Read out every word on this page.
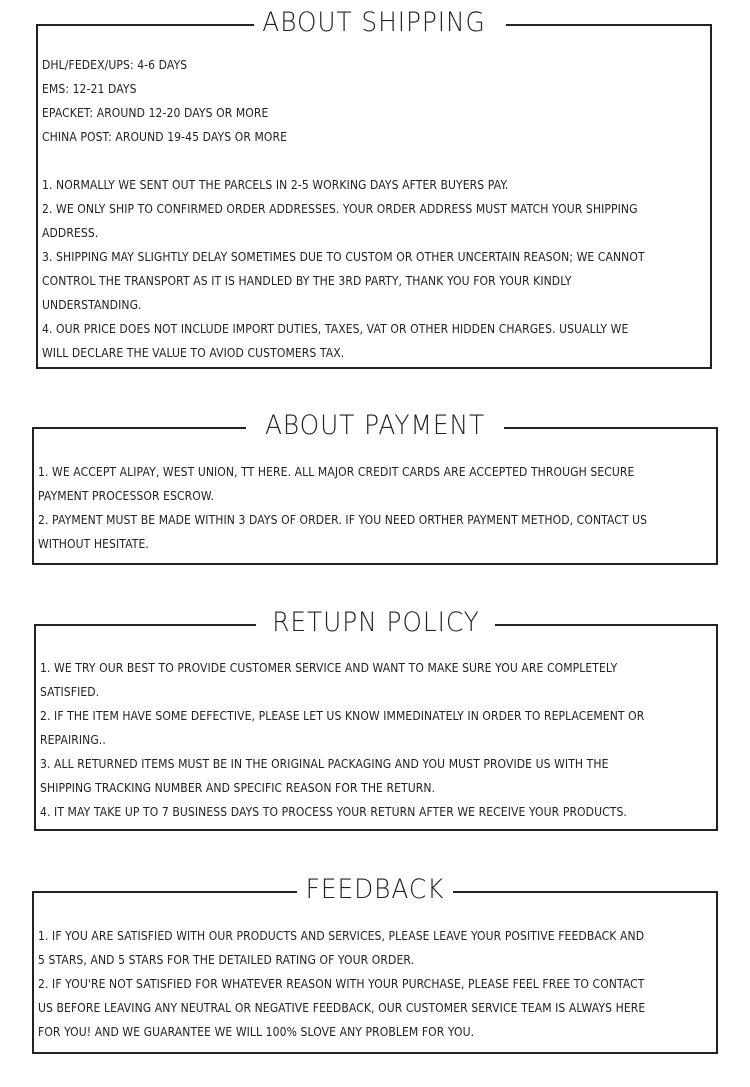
ABOUT SHIPPING

DHL/FEDEX/UPS: 4-6 DAYS

EMS: 12-21 DAYS

EPACKET: AROUND 12-20 DAYS OR MORE

CHINA POST: AROUND 19-45 DAYS OR MORE

1. NORMALLY WE SENT OUT THE PARCELS IN 2-5 WORKING DAYS AFTER BUYERS PAY.

2. WE ONLY SHIP TO CONFIRMED ORDER ADDRESSES. YOUR ORDER ADDRESS MUST MATCH YOUR SHIPPING

ADDRESS.

3. SHIPPING MAY SLIGHTLY DELAY SOMETIMES DUE TO CUSTOM OR OTHER UNCERTAIN REASON; WE CANNOT

CONTROL THE TRANSPORT AS IT IS HANDLED BY THE 3RD PARTY, THANK YOU FOR YOUR KINDLY

UNDERSTANDING.

4. OUR PRICE DOES NOT INCLUDE IMPORT DUTIES, TAXES, VAT OR OTHER HIDDEN CHARGES. USUALLY WE

WILL DECLARE THE VALUE TO AVIOD CUSTOMERS TAX.

ABOUT PAYMENT

1. WE ACCEPT ALIPAY, WEST UNION, TT HERE. ALL MAJOR CREDIT CARDS ARE ACCEPTED THROUGH SECURE

PAYMENT PROCESSOR ESCROW.

2. PAYMENT MUST BE MADE WITHIN 3 DAYS OF ORDER. IF YOU NEED ORTHER PAYMENT METHOD, CONTACT US

WITHOUT HESITATE.

RETUPN POLICY

1. WE TRY OUR BEST TO PROVIDE CUSTOMER SERVICE AND WANT TO MAKE SURE YOU ARE COMPLETELY

SATISFIED.

2. IF THE ITEM HAVE SOME DEFECTIVE, PLEASE LET US KNOW IMMEDINATELY IN ORDER TO REPLACEMENT OR

REPAIRING..

3. ALL RETURNED ITEMS MUST BE IN THE ORIGINAL PACKAGING AND YOU MUST PROVIDE US WITH THE

SHIPPING TRACKING NUMBER AND SPECIFIC REASON FOR THE RETURN.

4. IT MAY TAKE UP TO 7 BUSINESS DAYS TO PROCESS YOUR RETURN AFTER WE RECEIVE YOUR PRODUCTS.

FEEDBACK

1. IF YOU ARE SATISFIED WITH OUR PRODUCTS AND SERVICES, PLEASE LEAVE YOUR POSITIVE FEEDBACK AND

5 STARS, AND 5 STARS FOR THE DETAILED RATING OF YOUR ORDER.

2. IF YOU'RE NOT SATISFIED FOR WHATEVER REASON WITH YOUR PURCHASE, PLEASE FEEL FREE TO CONTACT

US BEFORE LEAVING ANY NEUTRAL OR NEGATIVE FEEDBACK, OUR CUSTOMER SERVICE TEAM IS ALWAYS HERE

FOR YOU! AND WE GUARANTEE WE WILL 100% SLOVE ANY PROBLEM FOR YOU.
